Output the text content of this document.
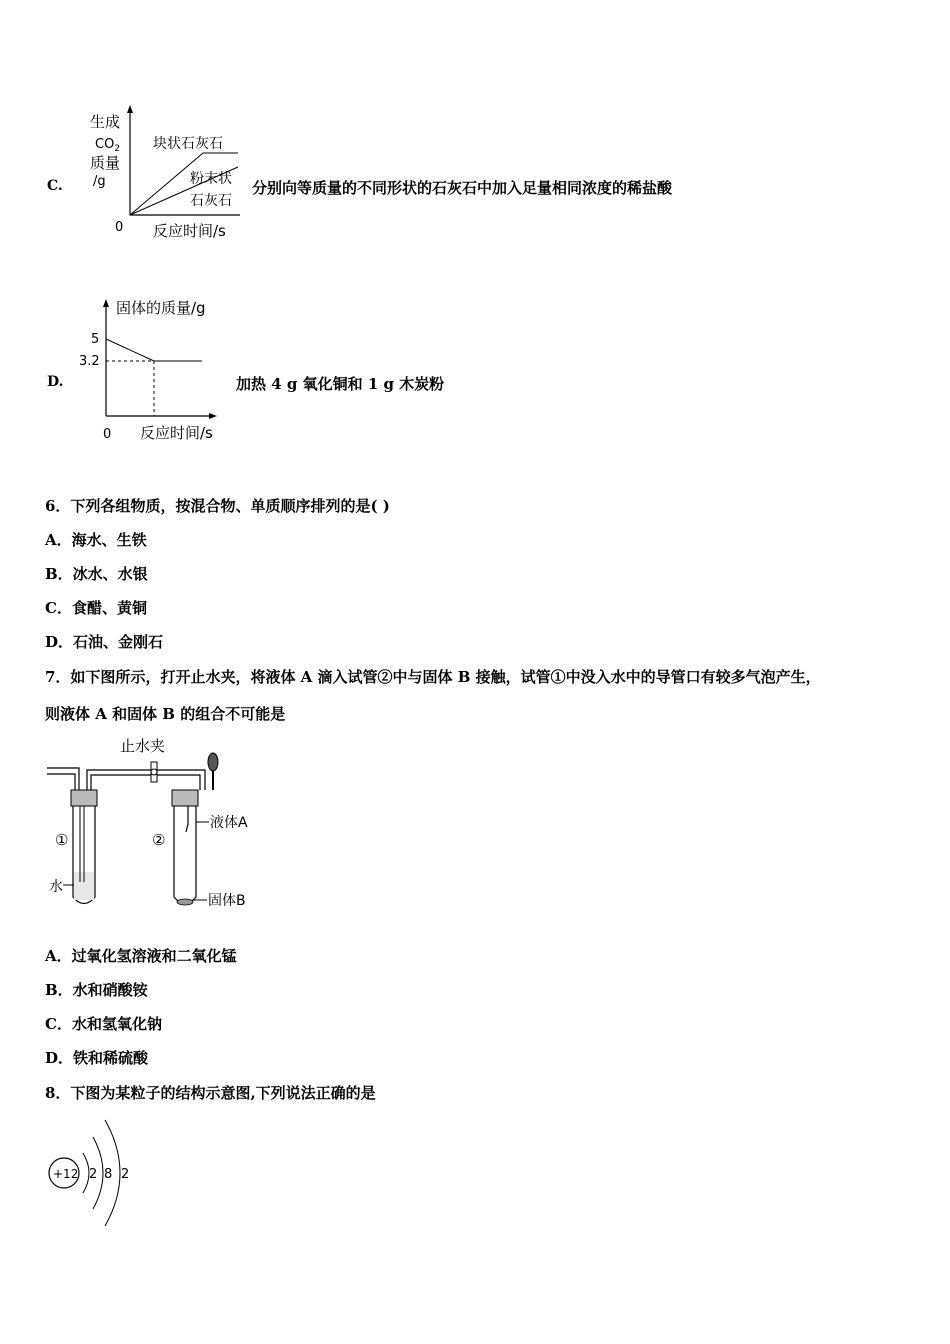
C.
生成
$CO_2$
质量
/g
0 反应时间/s
块状石灰石
粉末状
石灰石
分别向等质量的不同形状的石灰石中加入足量相同浓度的稀盐酸
D.
固体的质量/g
5
3.2
0 反应时间/s
加热 4 g 氧化铜和 1 g 木炭粉
6．下列各组物质，按混合物、单质顺序排列的是( )
A．海水、生铁
B．冰水、水银
C．食醋、黄铜
D．石油、金刚石
7．如下图所示，打开止水夹，将液体 A 滴入试管②中与固体 B 接触，试管①中没入水中的导管口有较多气泡产生，
则液体 A 和固体 B 的组合不可能是
止水夹
①
水
②
液体A
固体B
A．过氧化氢溶液和二氧化锰
B．水和硝酸铵
C．水和氢氧化钠
D．铁和稀硫酸
8．下图为某粒子的结构示意图,下列说法正确的是
+12 2 8 2
